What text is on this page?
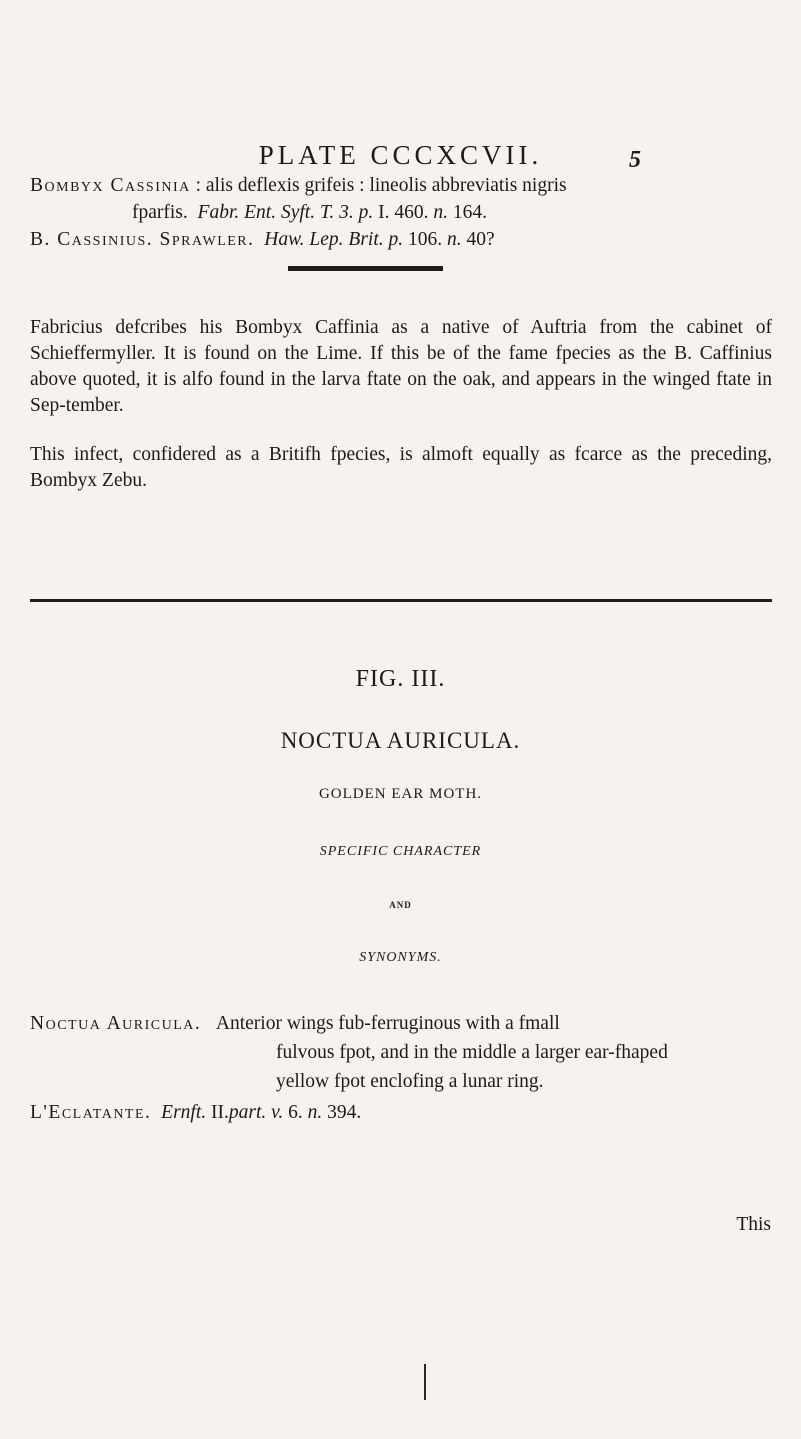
PLATE CCCXCVII.	5
Bombyx Cassinia : alis deflexis grifeis : lineolis abbreviatis nigris
fparfis. Fabr. Ent. Syft. T. 3. p. I. 460. n. 164.
B. Cassinius. Sprawler. Haw. Lep. Brit. p. 106. n. 40?
Fabricius defcribes his Bombyx Caffinia as a native of Auftria from the cabinet of Schieffermyller. It is found on the Lime. If this be of the fame fpecies as the B. Caffinius above quoted, it is alfo found in the larva ftate on the oak, and appears in the winged ftate in Sep-tember.
This infect, confidered as a Britifh fpecies, is almoft equally as fcarce as the preceding, Bombyx Zebu.
FIG. III.
NOCTUA AURICULA.
GOLDEN EAR MOTH.
SPECIFIC CHARACTER
AND
SYNONYMS.
Noctua Auricula. Anterior wings fub-ferruginous with a fmall
fulvous fpot, and in the middle a larger ear-fhaped
yellow fpot enclofing a lunar ring.
L'Eclatante. Ernft. II.part. v. 6. n. 394.
This
